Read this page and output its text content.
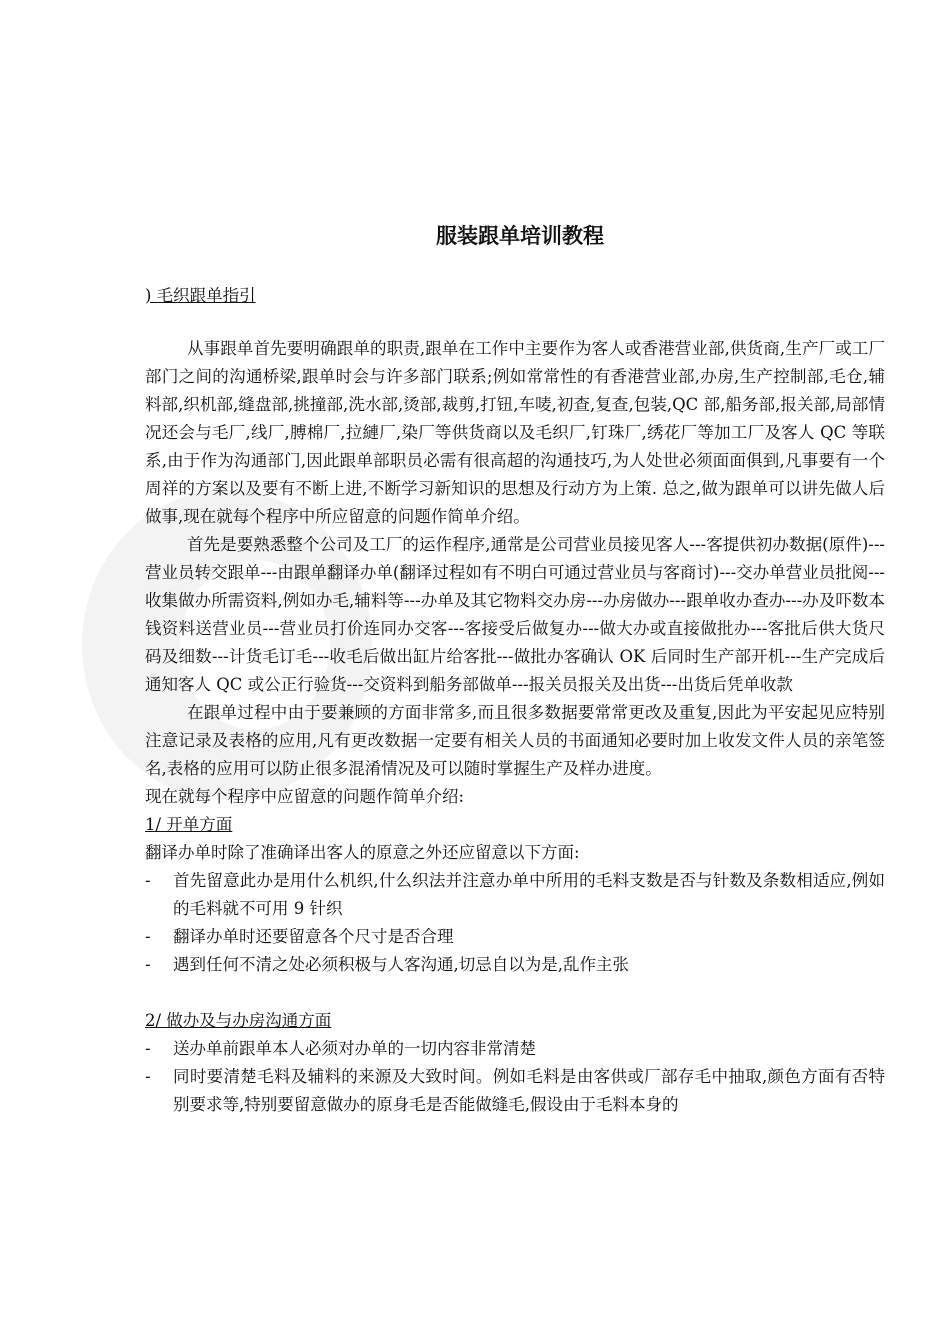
服装跟单培训教程
) 毛织跟单指引

从事跟单首先要明确跟单的职责,跟单在工作中主要作为客人或香港营业部,供货商,生产厂或工厂部门之间的沟通桥梁,跟单时会与许多部门联系;例如常常性的有香港营业部,办房,生产控制部,毛仓,辅料部,织机部,缝盘部,挑撞部,洗水部,烫部,裁剪,打钮,车唛,初查,复查,包装,QC 部,船务部,报关部,局部情况还会与毛厂,线厂,膊棉厂,拉縺厂,染厂等供货商以及毛织厂,钉珠厂,绣花厂等加工厂及客人 QC 等联系,由于作为沟通部门,因此跟单部职员必需有很高超的沟通技巧,为人处世必须面面俱到,凡事要有一个周祥的方案以及要有不断上进,不断学习新知识的思想及行动方为上策. 总之,做为跟单可以讲先做人后做事,现在就每个程序中所应留意的问题作简单介绍。

首先是要熟悉整个公司及工厂的运作程序,通常是公司营业员接见客人---客提供初办数据(原件)---营业员转交跟单---由跟单翻译办单(翻译过程如有不明白可通过营业员与客商讨)---交办单营业员批阅---收集做办所需资料,例如办毛,辅料等---办单及其它物料交办房---办房做办---跟单收办查办---办及吓数本钱资料送营业员---营业员打价连同办交客---客接受后做复办---做大办或直接做批办---客批后供大货尺码及细数---计货毛订毛---收毛后做出缸片给客批---做批办客确认 OK 后同时生产部开机---生产完成后通知客人 QC 或公正行验货---交资料到船务部做单---报关员报关及出货---出货后凭单收款

在跟单过程中由于要兼顾的方面非常多,而且很多数据要常常更改及重复,因此为平安起见应特别注意记录及表格的应用,凡有更改数据一定要有相关人员的书面通知必要时加上收发文件人员的亲笔签名,表格的应用可以防止很多混淆情况及可以随时掌握生产及样办进度。

现在就每个程序中应留意的问题作简单介绍:

1/ 开单方面

翻译办单时除了准确译出客人的原意之外还应留意以下方面:

- 首先留意此办是用什么机织,什么织法并注意办单中所用的毛料支数是否与针数及条数相适应,例如的毛料就不可用 9 针织
- 翻译办单时还要留意各个尺寸是否合理
- 遇到任何不清之处必须积极与人客沟通,切忌自以为是,乱作主张
2/ 做办及与办房沟通方面
- 送办单前跟单本人必须对办单的一切内容非常清楚
- 同时要清楚毛料及辅料的来源及大致时间。例如毛料是由客供或厂部存毛中抽取,颜色方面有否特别要求等,特别要留意做办的原身毛是否能做缝毛,假设由于毛料本身的
